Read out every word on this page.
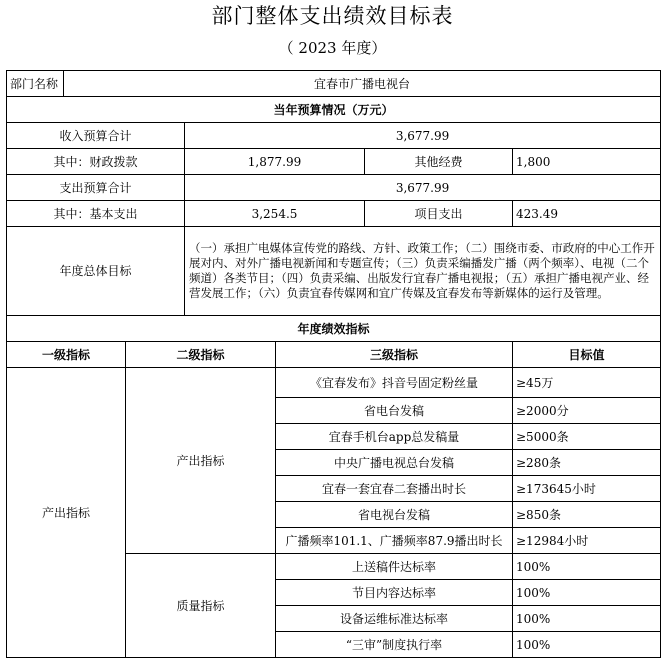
部门整体支出绩效目标表
（ 2023 年度）
部门名称	宜春市广播电视台					
当年预算情况（万元）						
收入预算合计			3,677.99			
其中：财政拨款			1,877.99		其他经费	1,800
支出预算合计			3,677.99			
其中：基本支出			3,254.5		项目支出	423.49
年度总体目标			（一）承担广电媒体宣传党的路线、方针、政策工作；（二）围绕市委、市政府的中心工作开展对内、对外广播电视新闻和专题宣传；（三）负责采编播发广播（两个频率）、电视（二个频道）各类节目；（四）负责采编、出版发行宜春广播电视报；（五）承担广播电视产业、经营发展工作；（六）负责宜春传媒网和宜广传媒及宜春发布等新媒体的运行及管理。			
年度绩效指标						
一级指标		二级指标		三级指标		目标值
产出指标		产出指标		《宜春发布》抖音号固定粉丝量		≥45万
				省电台发稿		≥2000分
				宜春手机台app总发稿量		≥5000条
				中央广播电视总台发稿		≥280条
				宜春一套宜春二套播出时长		≥173645小时
				省电视台发稿		≥850条
				广播频率101.1、广播频率87.9播出时长		≥12984小时
		质量指标		上送稿件达标率		100%
				节目内容达标率		100%
				设备运维标准达标率		100%
				“三审”制度执行率		100%
